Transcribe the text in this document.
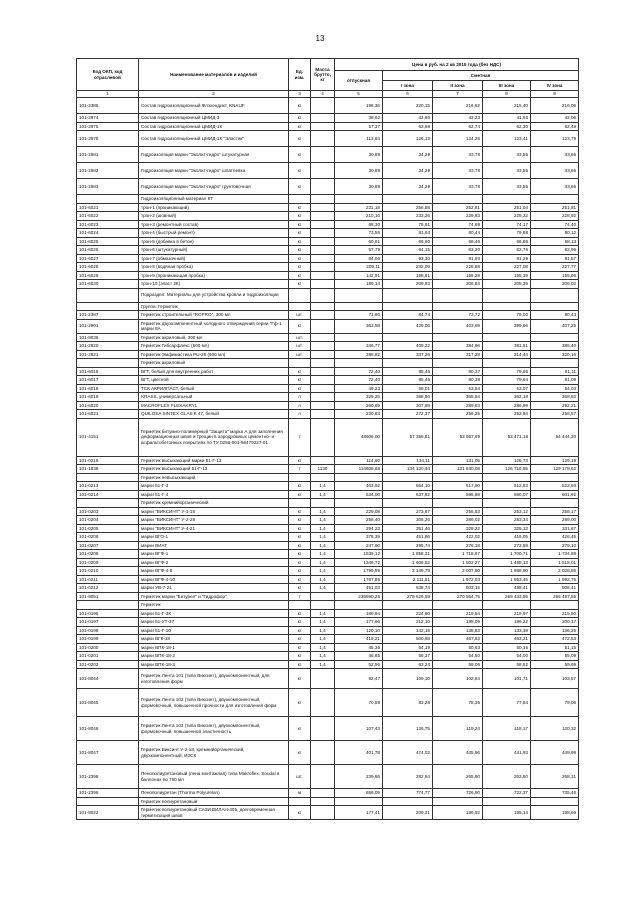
13
Код ОКП, код отраслевой	Наименование материалов и изделий	Ед. изм.	Масса брутто, кг	Цена в руб. на 2 кв 2015 года (без НДС)				
				отпускная	Сметная			
					I зона	II зона	III зона	IV зона
1	2	3	4	5	6	7	8	9
101-2386	Состав гидроизоляционный Флэхендихт, KNAUF	кг		198,36	220,15	216,62	215,40	216,06
101-2974	Состав гидроизоляционный ЦМИД-3	кг		38,62	42,86	42,23	41,93	42,06
101-2975	Состав гидроизоляционный ЦМИД-1К	кг		57,37	63,68	62,74	62,30	62,49
101-2978	Состав гидроизоляционный ЦМИД-1К "Эластик"	кг		113,84	126,13	124,28	123,41	123,79
101-2981	Гидроизоляция марки "Эколит-гидро" штукатурная	кг		30,89	34,29	33,78	33,55	33,65
101-2982	Гидроизоляция марки "Эколит-гидро" шпатлевка	кг		30,89	34,29	33,78	33,55	33,65
101-2983	Гидроизоляция марки "Эколит-гидро" грунтовочная	кг		30,89	34,29	33,78	33,55	33,65
	Гидроизоляционный материал КТ							
101-6021	трон-1 (проникающий)	кг		231,18	256,58	252,81	251,04	251,81
101-6022	трон-2 (шовный)	кг		210,16	233,26	229,83	228,22	228,92
101-6023	трон-3 (ремонтный состав)	кг		68,30	75,81	74,69	74,17	74,40
101-6024	трон-4 (быстрый ремонт)	кг		73,56	81,64	80,44	79,88	80,12
101-6025	трон-5 (добавка в бетон)	кг		60,91	66,60	66,46	66,86	68,13
101-6026	трон-6 (штукатурный)	кг		57,79	64,15	63,20	62,76	62,96
101-6027	трон-7 (обмазочный)	кг		84,06	93,30	91,93	91,29	91,57
101-6028	трон-8 (водяная пробка)	кг		209,11	232,09	228,68	227,08	227,77
101-6029	трон-9 (проникающая пробка)	кг		142,91	158,61	156,28	155,19	155,66
101-6030	трон-10 (эласт 2К)	кг		189,14	209,93	206,84	205,39	206,02
	Подраздел: Материалы для устройства кровли и гидроизоляции							
	Группа: Герметик							
101-2387	Герметик строительный "ROPRO", 300 мл	шт.		71,80	84,74	73,72	79,00	80,43
101-2901	Герметик двухкомпонентный холодного отверждения серии "Гф-1 марки 8А	кг		363,58	429,06	403,69	399,66	407,25
101-9036	Герметик акриловый, 300 мл	шт.						
101-2920	Герметик Гибсарфлекс (600 мл)	шт.		346,77	409,22	384,96	381,51	386,40
101-2921	Герметик Эмфимастика PU-25 (600 мл)	шт.		285,82	337,26	317,28	314,44	320,16
	Герметик акриловый							
101-6016	ВГТ, белый для внутренних работ	кг		72,40	85,45	80,37	79,66	81,11
101-6017	ВГТ, цветной	кг		72,40	85,45	80,38	79,64	81,09
101-6018	ТСК АКРИЛПАСТ, белый	кг		49,23	58,01	53,54	53,07	54,03
101-6019	KRASS, универсальный	л		329,25	388,56	365,54	362,18	368,82
101-6020	MACROFLEX FLEXAKRYL	л		260,89	307,88	289,63	286,99	292,21
101-6021	QUILOSA SINTEX GLAS К 47, белый	л		230,83	272,37	256,25	253,94	258,57
101-4151	Герметик битумно-полимерный "Защита" марка А для заполнения деформационных швов и трещин в аэродромных цементно- и асфальтобетонных покрытиях по ТУ 0256-001-56479227-01	т		48606,00	57 358,81	53 957,69	53 471,18	54 444,20
101-0215	Герметик высыхающий марки 51-Г-13	кг		114,60	134,11	131,05	126,73	129,19
101-1838	Герметик высыхающий 51-Г-13	т	1130	114606,68	134 120,64	131 640,08	126 716,95	129 178,62
	Герметик невысыхающий							
101-0213	марки 51-Г-3	кг	1,4	463,92	554,10	517,90	512,83	522,93
101-0214	марки 51-Г-4	кг	1,4	534,00	637,82	595,88	590,07	601,92
	Герметик кремнийорганический							
101-0203	марки "ВИКСИНТ" У-1-18	кг	1,4	229,08	273,67	255,53	253,12	258,17
101-0204	марки "ВИКСИНТ" У-2-28	кг	1,4	256,40	306,26	286,02	283,34	289,00
101-0205	марки "ВИКСИНТ" У-4-21	кг	1,4	294,23	351,46	328,22	325,12	331,67
101-0206	марки ВГО-1	кг	1,4	378,39	451,86	422,02	418,05	426,45
101-0207	марки ВИАТ	кг	1,4	247,60	295,74	276,18	273,59	279,10
101-0208	марки ВГФ-1	кг	1,4	1539,12	1 858,31	1 718,67	1 700,71	1 734,88
101-0209	марки ВГФ-2	кг	1,4	1346,72	1 608,52	1 502,27	1 488,13	1 518,01
101-0210	марки ВГФ-4-8	кг	1,4	1799,89	2 149,79	2 007,80	1 988,90	2 028,85
101-0211	марки ВГФ-4-10	кг	1,4	1767,85	2 111,51	1 972,03	1 953,45	1 992,75
101-0212	марки УВ-7-21	кг	1,4	451,03	538,74	503,15	498,41	508,41
101-9051	Герметик марки "Битурел" и "Гидрофор"	т		235590,26	278 626,59	270 564,75	269 433,95	266 497,55
	Герметик							
101-0196	марки 51-Г-3К	кг	1,4	189,94	224,60	219,54	219,97	215,50
101-0197	марки 51-УТ-37	кг	1,4	177,66	212,10	198,09	196,22	200,17
101-0198	марки 51-Г-10	кг	1,4	120,10	142,18	138,83	133,39	136,25
101-0199	марки ВГК-18	кг	1,4	419,21	500,68	467,63	463,21	472,53
101-0200	марки ВПК-18-1	кг	1,4	45,36	54,19	50,63	50,16	51,15
101-0201	марки ВПК-18-2	кг	1,4	48,65	58,37	54,50	54,00	55,09
101-0202	марки ВПК-18-3	кг	1,4	52,96	63,24	59,06	58,52	59,69
101-8044	Герметик Лента 101 (типа Виксинт), двухкомпонентный, для изготовления форм	кг		92,47	109,10	102,64	101,71	103,57
101-8045	Герметик Лента 102 (типа Виксинт), двухкомпонентный, формовочный, повышенной прочности для изготовления форм	кг		70,59	83,28	78,35	77,64	79,06
101-8046	Герметик Лента 103 (типа Виксинт), двухкомпонентный, формовочный, повышенной эластичность	кг		107,43	126,75	119,24	118,17	120,32
101-8047	Герметик Виксинт У-2-18, кремнийорганический, двухкомпонентный, ИЗСК	кг		401,78	474,02	445,96	441,93	449,99
101-2398	Пенополиуретановый (пена монтажная) типа Makroflex, Soudal в баллонах по 750 мл	шт.		239,56	282,64	265,90	263,50	268,31
101-2396	Пенополиуретан (Thorma Polyurelan)	м		656,09	774,77	726,90	722,37	735,46
	Герметик полиуретановый							
101-8022	Герметик полиуретановый САЗИ ВИЛАН-405, долговременная герметизация швов	кг		177,41	209,31	196,92	195,14	198,69
